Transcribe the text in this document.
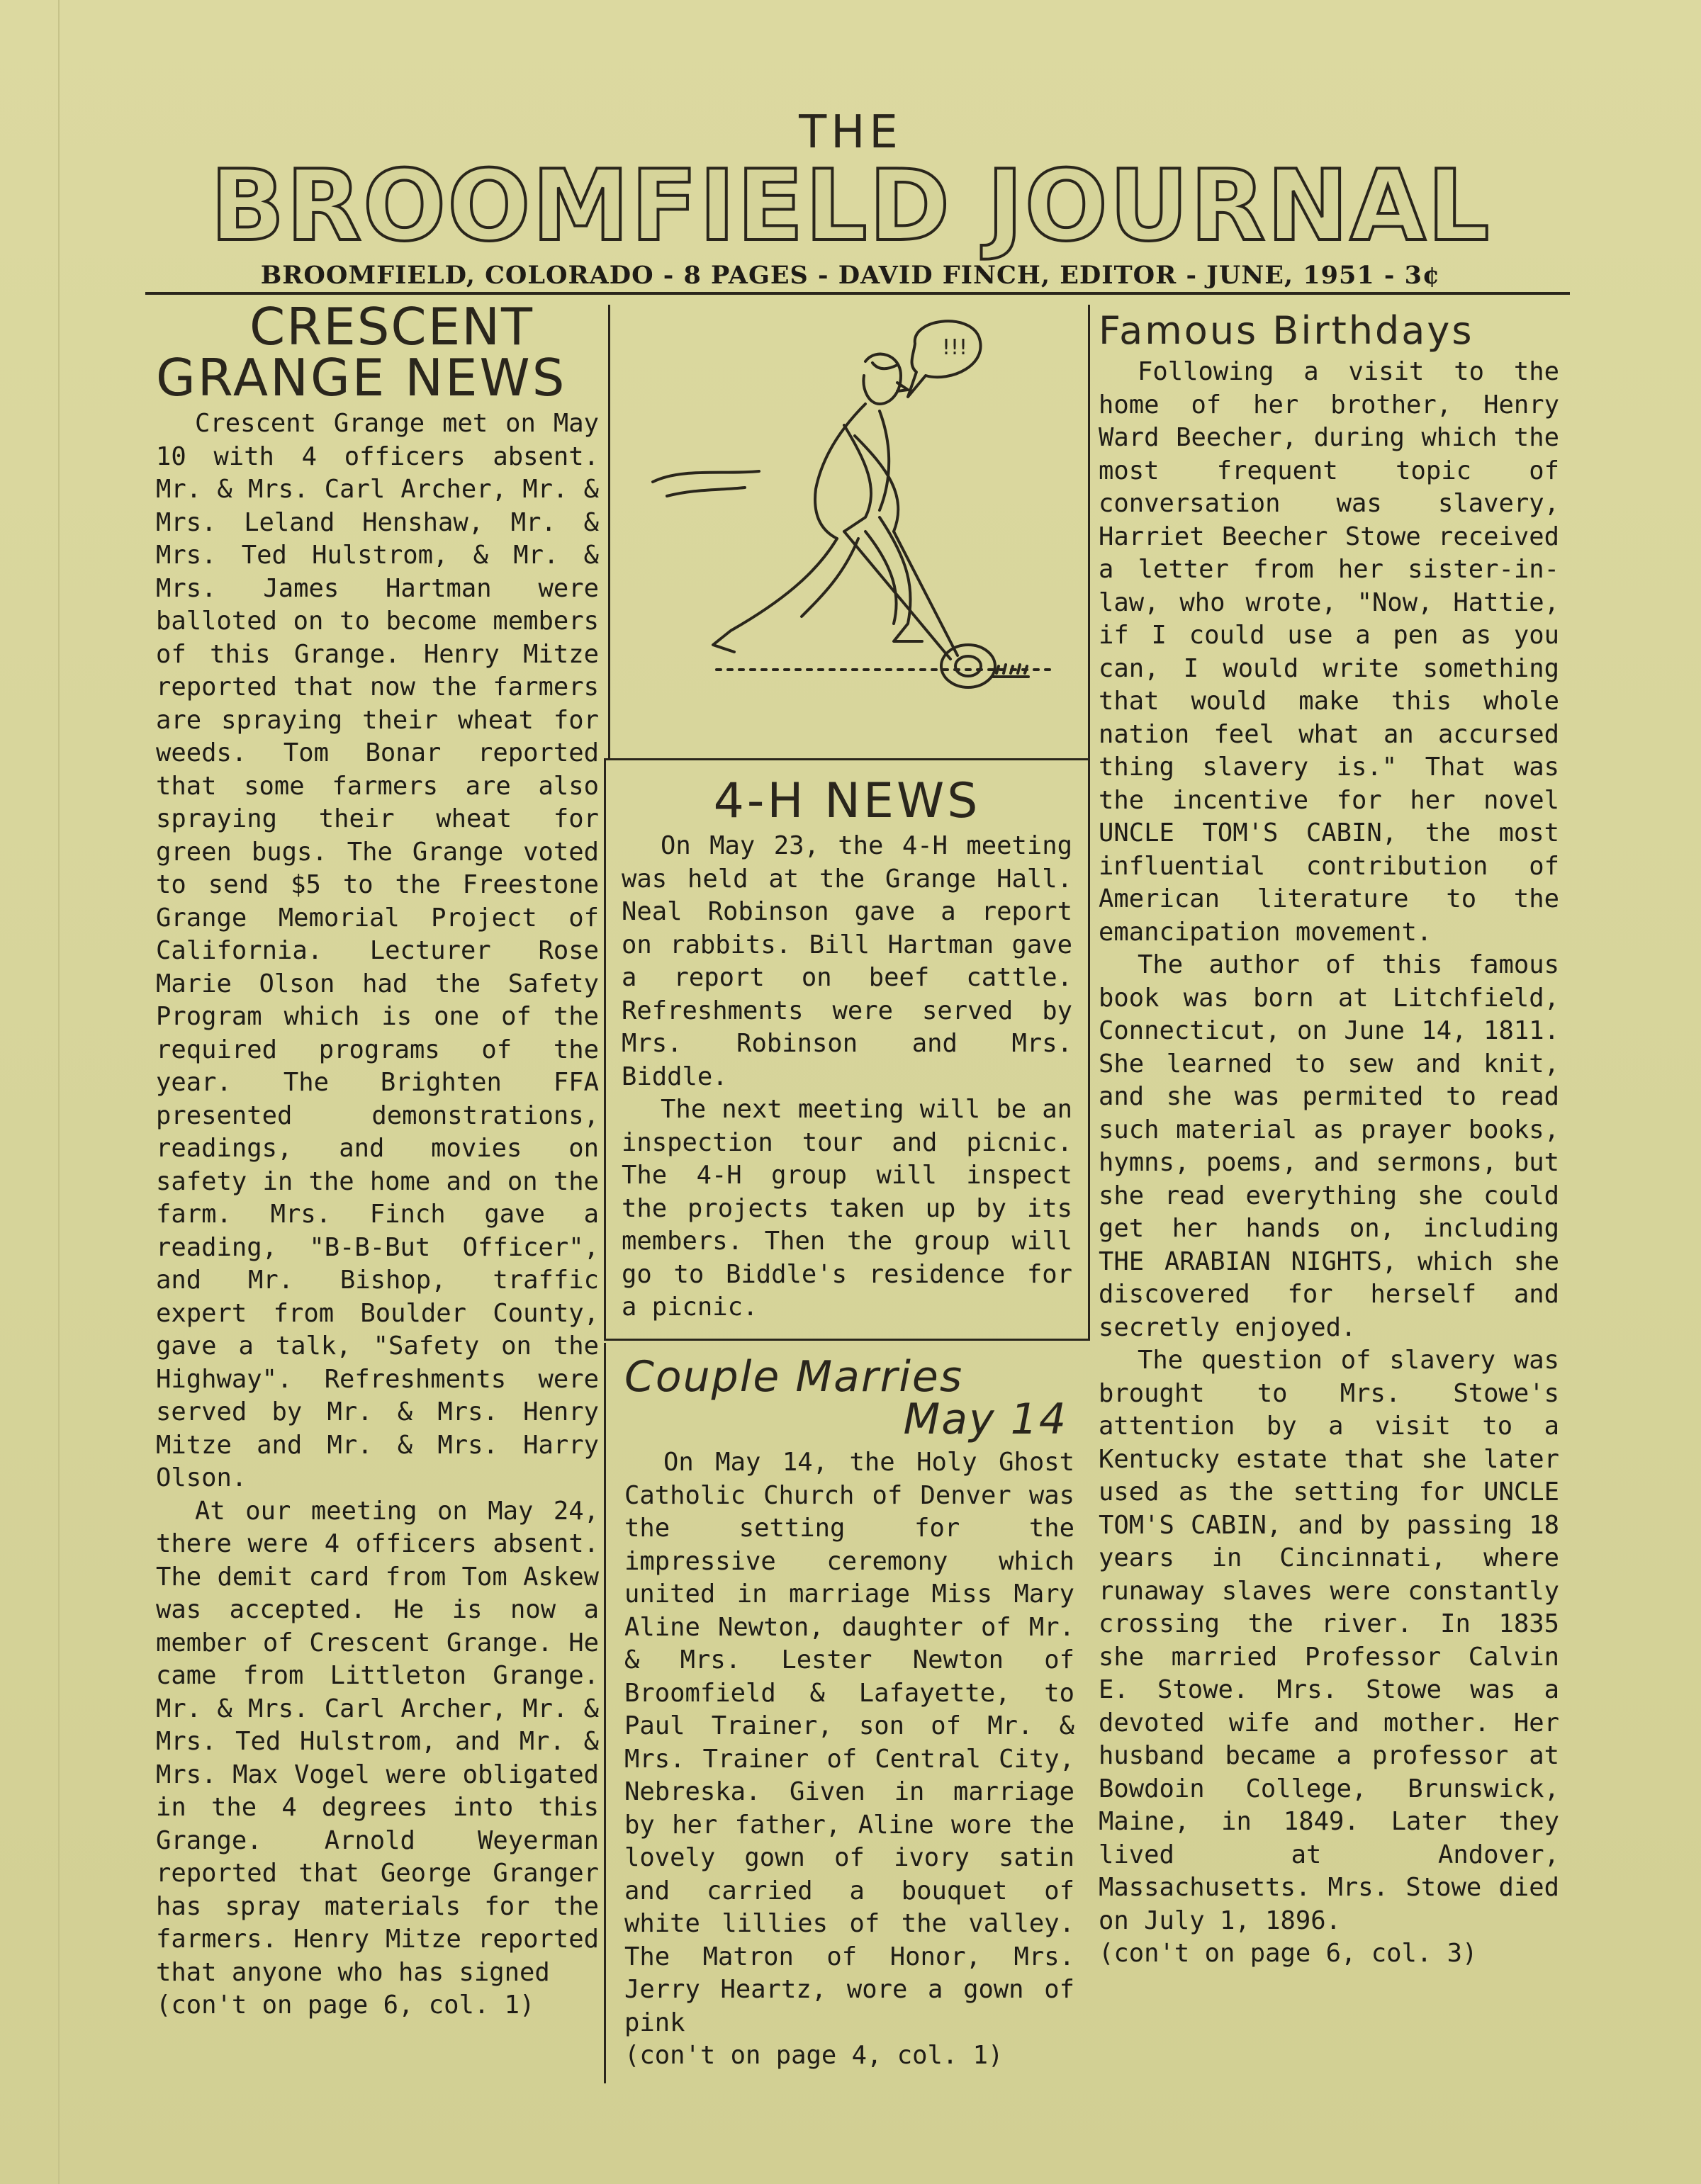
THE
BROOMFIELD JOURNAL
BROOMFIELD, COLORADO - 8 PAGES - DAVID FINCH, EDITOR - JUNE, 1951 - 3¢
CRESCENT
GRANGE NEWS

Crescent Grange met on May 10 with 4 officers absent. Mr. & Mrs. Carl Archer, Mr. & Mrs. Leland Henshaw, Mr. & Mrs. Ted Hulstrom, & Mr. & Mrs. James Hartman were balloted on to become members of this Grange. Henry Mitze reported that now the farmers are spraying their wheat for weeds. Tom Bonar reported that some farmers are also spraying their wheat for green bugs. The Grange voted to send $5 to the Freestone Grange Memorial Project of California. Lecturer Rose Marie Olson had the Safety Program which is one of the required programs of the year. The Brighten FFA presented demonstrations, readings, and movies on safety in the home and on the farm. Mrs. Finch gave a reading, "B-B-But Officer", and Mr. Bishop, traffic expert from Boulder County, gave a talk, "Safety on the Highway". Refreshments were served by Mr. & Mrs. Henry Mitze and Mr. & Mrs. Harry Olson.

At our meeting on May 24, there were 4 officers absent. The demit card from Tom Askew was accepted. He is now a member of Crescent Grange. He came from Littleton Grange. Mr. & Mrs. Carl Archer, Mr. & Mrs. Ted Hulstrom, and Mr. & Mrs. Max Vogel were obligated in the 4 degrees into this Grange. Arnold Weyerman reported that George Granger has spray materials for the farmers. Henry Mitze reported that anyone who has signed

(con't on page 6, col. 1)

!!!
4-H NEWS

On May 23, the 4-H meeting was held at the Grange Hall. Neal Robinson gave a report on rabbits. Bill Hartman gave a report on beef cattle. Refreshments were served by Mrs. Robinson and Mrs. Biddle.

The next meeting will be an inspection tour and picnic. The 4-H group will inspect the projects taken up by its members. Then the group will go to Biddle's residence for a picnic.

Couple Marries
May 14

On May 14, the Holy Ghost Catholic Church of Denver was the setting for the impressive ceremony which united in marriage Miss Mary Aline Newton, daughter of Mr. & Mrs. Lester Newton of Broomfield & Lafayette, to Paul Trainer, son of Mr. & Mrs. Trainer of Central City, Nebreska. Given in marriage by her father, Aline wore the lovely gown of ivory satin and carried a bouquet of white lillies of the valley. The Matron of Honor, Mrs. Jerry Heartz, wore a gown of pink

(con't on page 4, col. 1)

Famous Birthdays

Following a visit to the home of her brother, Henry Ward Beecher, during which the most frequent topic of conversation was slavery, Harriet Beecher Stowe received a letter from her sister-in-law, who wrote, "Now, Hattie, if I could use a pen as you can, I would write something that would make this whole nation feel what an accursed thing slavery is." That was the incentive for her novel UNCLE TOM'S CABIN, the most influential contribution of American literature to the emancipation movement.

The author of this famous book was born at Litchfield, Connecticut, on June 14, 1811. She learned to sew and knit, and she was permited to read such material as prayer books, hymns, poems, and sermons, but she read everything she could get her hands on, including THE ARABIAN NIGHTS, which she discovered for herself and secretly enjoyed.

The question of slavery was brought to Mrs. Stowe's attention by a visit to a Kentucky estate that she later used as the setting for UNCLE TOM'S CABIN, and by passing 18 years in Cincinnati, where runaway slaves were constantly crossing the river. In 1835 she married Professor Calvin E. Stowe. Mrs. Stowe was a devoted wife and mother. Her husband became a professor at Bowdoin College, Brunswick, Maine, in 1849. Later they lived at Andover, Massachusetts. Mrs. Stowe died on July 1, 1896.

(con't on page 6, col. 3)
